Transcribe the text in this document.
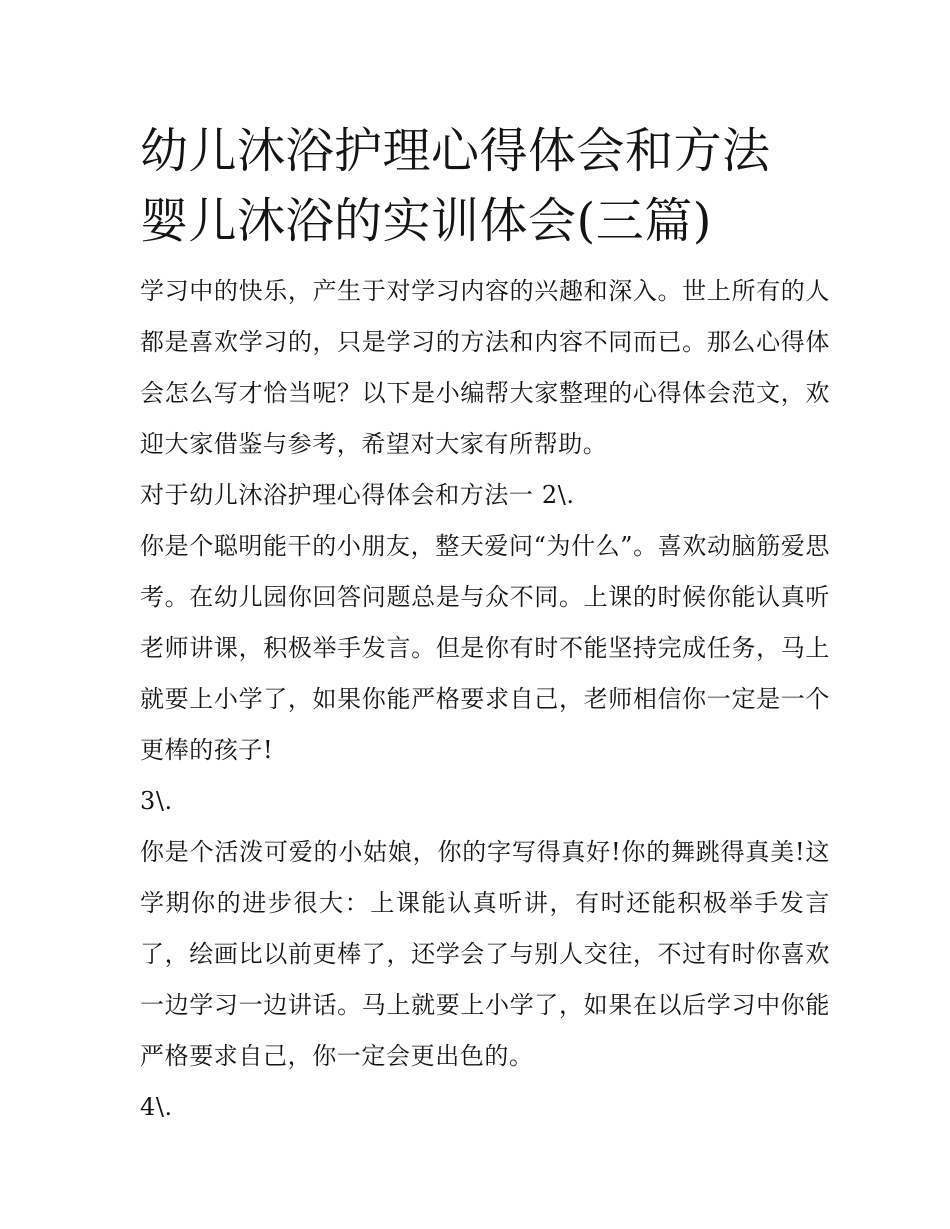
幼儿沐浴护理心得体会和方法
婴儿沐浴的实训体会(三篇)

学习中的快乐，产生于对学习内容的兴趣和深入。世上所有的人都是喜欢学习的，只是学习的方法和内容不同而已。那么心得体会怎么写才恰当呢？以下是小编帮大家整理的心得体会范文，欢迎大家借鉴与参考，希望对大家有所帮助。

对于幼儿沐浴护理心得体会和方法一 2\.

你是个聪明能干的小朋友，整天爱问“为什么”。喜欢动脑筋爱思考。在幼儿园你回答问题总是与众不同。上课的时候你能认真听老师讲课，积极举手发言。但是你有时不能坚持完成任务，马上就要上小学了，如果你能严格要求自己，老师相信你一定是一个更棒的孩子!

3\.

你是个活泼可爱的小姑娘，你的字写得真好!你的舞跳得真美!这学期你的进步很大：上课能认真听讲，有时还能积极举手发言了，绘画比以前更棒了，还学会了与别人交往，不过有时你喜欢一边学习一边讲话。马上就要上小学了，如果在以后学习中你能严格要求自己，你一定会更出色的。

4\.
